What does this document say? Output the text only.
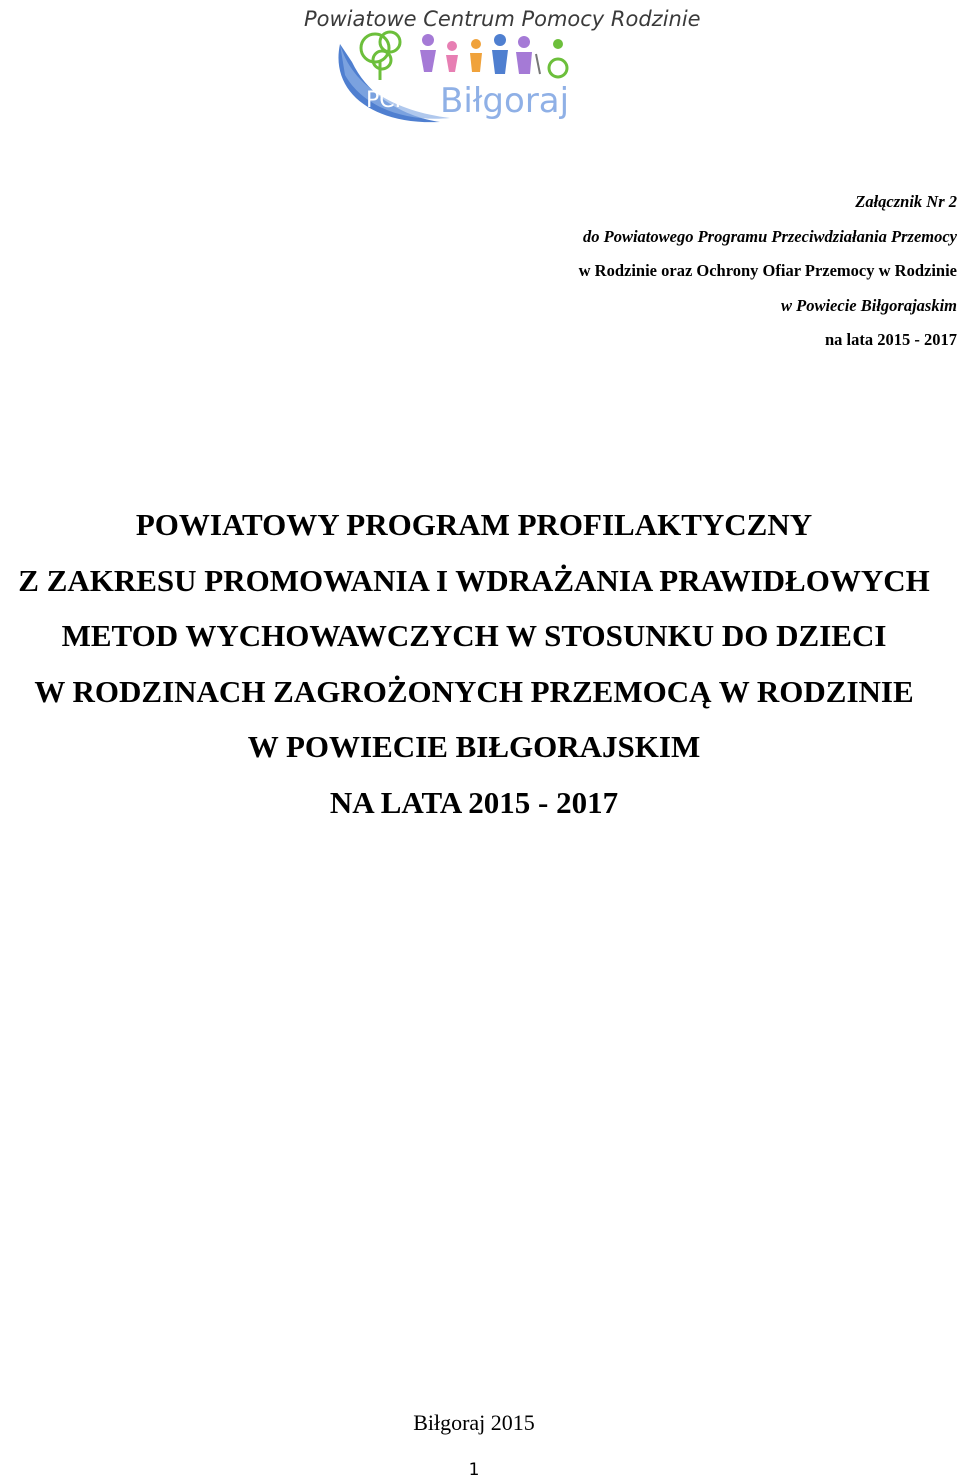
Powiatowe Centrum Pomocy Rodzinie
PCPR Biłgoraj
Załącznik Nr 2
do Powiatowego Programu Przeciwdziałania Przemocy
w Rodzinie oraz Ochrony Ofiar Przemocy w Rodzinie
w Powiecie Biłgorajaskim
na lata 2015 - 2017
POWIATOWY PROGRAM PROFILAKTYCZNY
Z ZAKRESU PROMOWANIA I WDRAŻANIA PRAWIDŁOWYCH
METOD WYCHOWAWCZYCH W STOSUNKU DO DZIECI
W RODZINACH ZAGROŻONYCH PRZEMOCĄ W RODZINIE
W POWIECIE BIŁGORAJSKIM
NA LATA 2015 - 2017
Biłgoraj 2015
1
